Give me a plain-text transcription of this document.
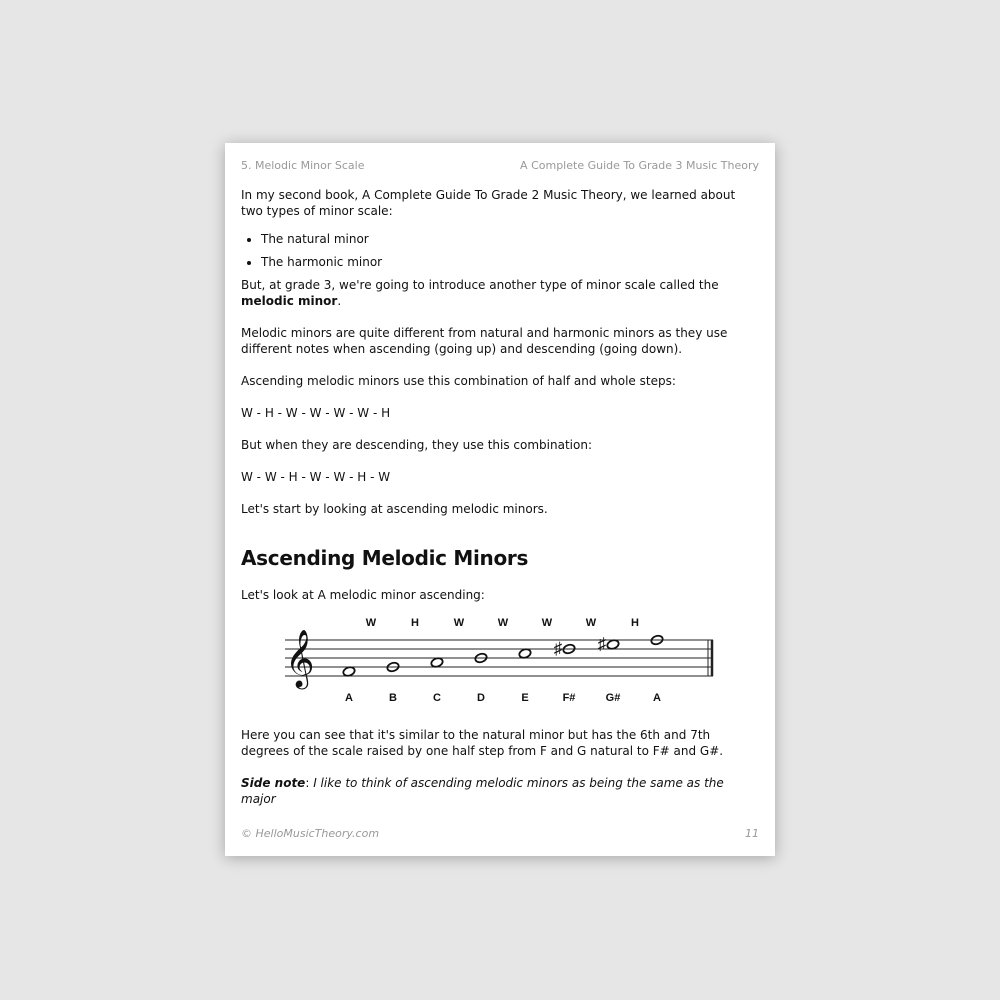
5. Melodic Minor Scale	A Complete Guide To Grade 3 Music Theory

In my second book, A Complete Guide To Grade 2 Music Theory, we learned about two types of minor scale:

• The natural minor
• The harmonic minor

But, at grade 3, we're going to introduce another type of minor scale called the melodic minor.

Melodic minors are quite different from natural and harmonic minors as they use different notes when ascending (going up) and descending (going down).

Ascending melodic minors use this combination of half and whole steps:

W - H - W - W - W - W - H

But when they are descending, they use this combination:

W - W - H - W - W - H - W

Let's start by looking at ascending melodic minors.

Ascending Melodic Minors

Let's look at A melodic minor ascending:

𝄞
A	B	C	D	E
♯
F#
♯
G#	A
W	H	W	W	W	W	H

Here you can see that it's similar to the natural minor but has the 6th and 7th degrees of the scale raised by one half step from F and G natural to F# and G#.

Side note: I like to think of ascending melodic minors as being the same as the major

© HelloMusicTheory.com	11
